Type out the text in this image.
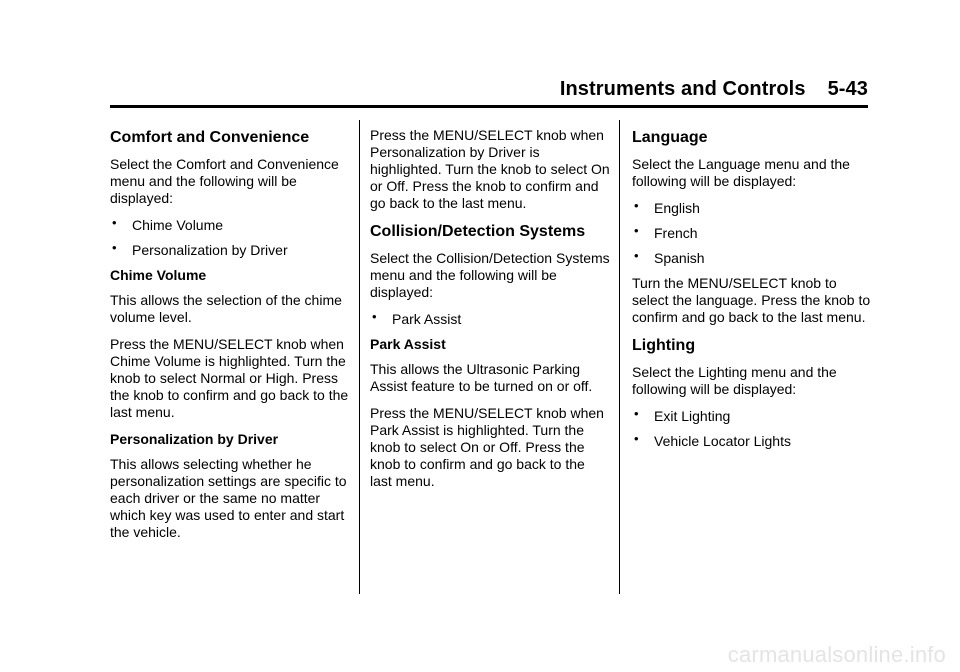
Instruments and Controls 5-43
Comfort and Convenience

Select the Comfort and Convenience menu and the following will be displayed:

• Chime Volume
• Personalization by Driver

Chime Volume

This allows the selection of the chime volume level.

Press the MENU/SELECT knob when Chime Volume is highlighted. Turn the knob to select Normal or High. Press the knob to confirm and go back to the last menu.

Personalization by Driver

This allows selecting whether he personalization settings are specific to each driver or the same no matter which key was used to enter and start the vehicle.

Press the MENU/SELECT knob when Personalization by Driver is highlighted. Turn the knob to select On or Off. Press the knob to confirm and go back to the last menu.

Collision/Detection Systems

Select the Collision/Detection Systems menu and the following will be displayed:

• Park Assist

Park Assist

This allows the Ultrasonic Parking Assist feature to be turned on or off.

Press the MENU/SELECT knob when Park Assist is highlighted. Turn the knob to select On or Off. Press the knob to confirm and go back to the last menu.

Language

Select the Language menu and the following will be displayed:

• English
• French
• Spanish

Turn the MENU/SELECT knob to select the language. Press the knob to confirm and go back to the last menu.

Lighting

Select the Lighting menu and the following will be displayed:

• Exit Lighting
• Vehicle Locator Lights
carmanualsonline.info
